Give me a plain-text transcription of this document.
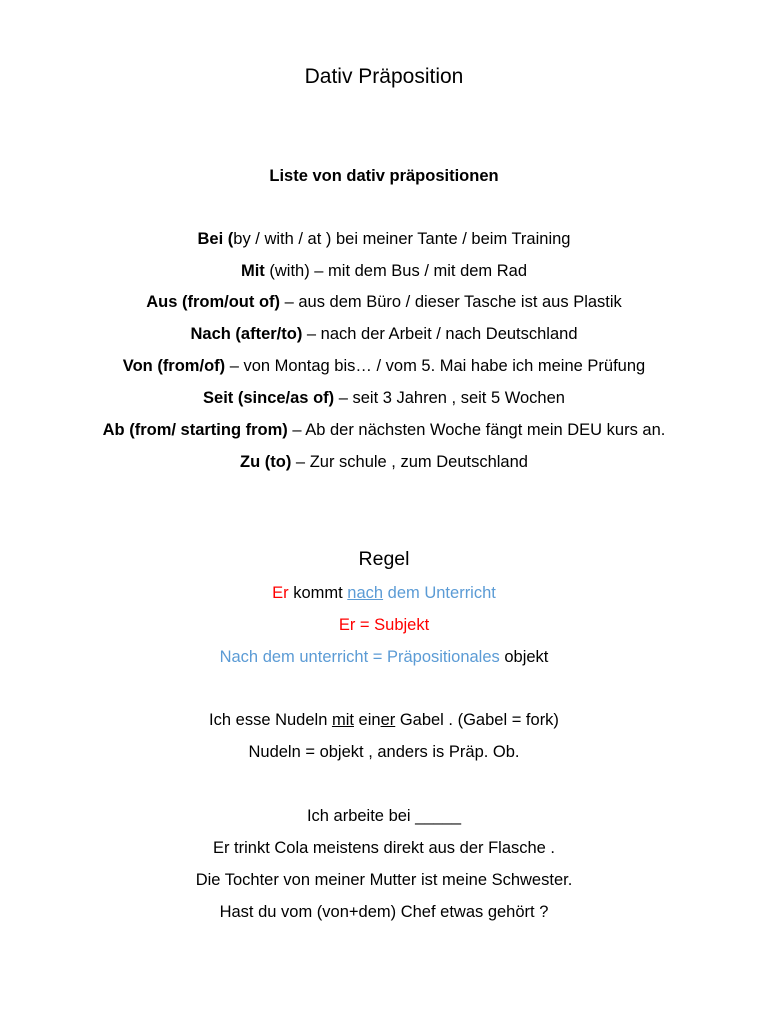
Dativ Präposition
Liste von dativ präpositionen
Bei (by / with / at ) bei meiner Tante / beim Training
Mit (with) – mit dem Bus / mit dem Rad
Aus (from/out of) – aus dem Büro / dieser Tasche ist aus Plastik
Nach (after/to) – nach der Arbeit / nach Deutschland
Von (from/of) – von Montag bis… / vom 5. Mai habe ich meine Prüfung
Seit (since/as of) – seit 3 Jahren , seit 5 Wochen
Ab (from/ starting from) – Ab der nächsten Woche fängt mein DEU kurs an.
Zu (to) – Zur schule , zum Deutschland
Regel
Er kommt nach dem Unterricht
Er = Subjekt
Nach dem unterricht = Präpositionales objekt
Ich esse Nudeln mit einer Gabel . (Gabel = fork)
Nudeln = objekt , anders is Präp. Ob.
Ich arbeite bei _____
Er trinkt Cola meistens direkt aus der Flasche .
Die Tochter von meiner Mutter ist meine Schwester.
Hast du vom (von+dem) Chef etwas gehört ?
